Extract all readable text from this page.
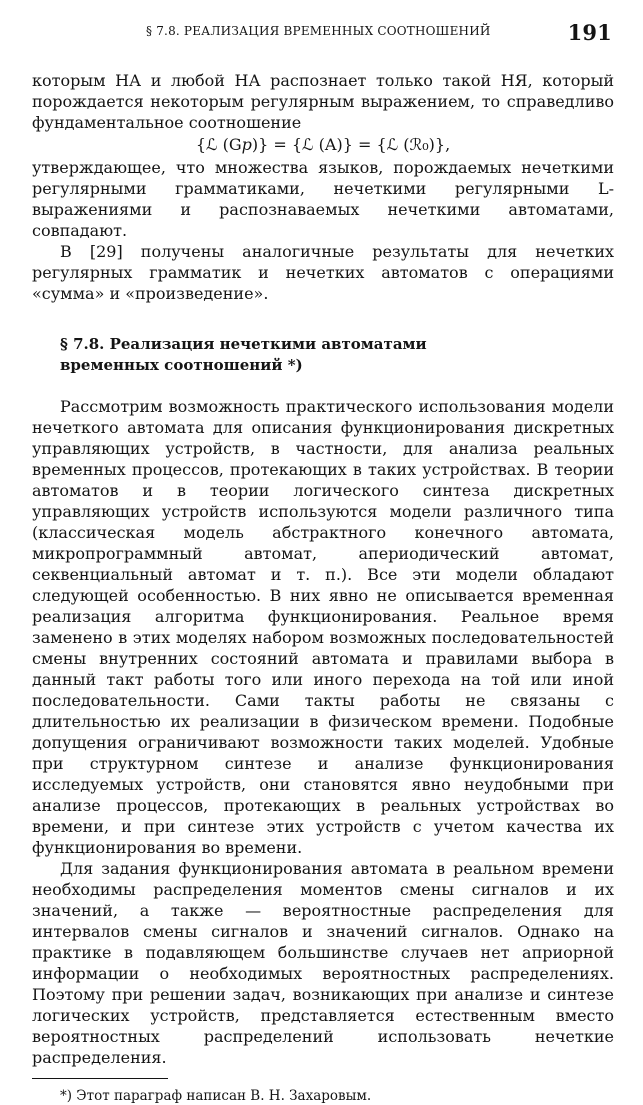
§ 7.8. РЕАЛИЗАЦИЯ ВРЕМЕННЫХ СООТНОШЕНИЙ	191

которым НА и любой НА распознает только такой НЯ, который порождается некоторым регулярным выражением, то справедливо фундаментальное соотношение

{ℒ (G𝑝)} = {ℒ (A)} = {ℒ (ℛ₀)},

утверждающее, что множества языков, порождаемых нечеткими регулярными грамматиками, нечеткими регулярными L-выражениями и распознаваемых нечеткими автоматами, совпадают.

В [29] получены аналогичные результаты для нечетких регулярных грамматик и нечетких автоматов с операциями «сумма» и «произведение».

§ 7.8. Реализация нечеткими автоматами
временных соотношений *)

Рассмотрим возможность практического использования модели нечеткого автомата для описания функционирования дискретных управляющих устройств, в частности, для анализа реальных временных процессов, протекающих в таких устройствах. В теории автоматов и в теории логического синтеза дискретных управляющих устройств используются модели различного типа (классическая модель абстрактного конечного автомата, микропрограммный автомат, апериодический автомат, секвенциальный автомат и т. п.). Все эти модели обладают следующей особенностью. В них явно не описывается временная реализация алгоритма функционирования. Реальное время заменено в этих моделях набором возможных последовательностей смены внутренних состояний автомата и правилами выбора в данный такт работы того или иного перехода на той или иной последовательности. Сами такты работы не связаны с длительностью их реализации в физическом времени. Подобные допущения ограничивают возможности таких моделей. Удобные при структурном синтезе и анализе функционирования исследуемых устройств, они становятся явно неудобными при анализе процессов, протекающих в реальных устройствах во времени, и при синтезе этих устройств с учетом качества их функционирования во времени.

Для задания функционирования автомата в реальном времени необходимы распределения моментов смены сигналов и их значений, а также — вероятностные распределения для интервалов смены сигналов и значений сигналов. Однако на практике в подавляющем большинстве случаев нет априорной информации о необходимых вероятностных распределениях. Поэтому при решении задач, возникающих при анализе и синтезе логических устройств, представляется естественным вместо вероятностных распределений использовать нечеткие распределения.

*) Этот параграф написан В. Н. Захаровым.
